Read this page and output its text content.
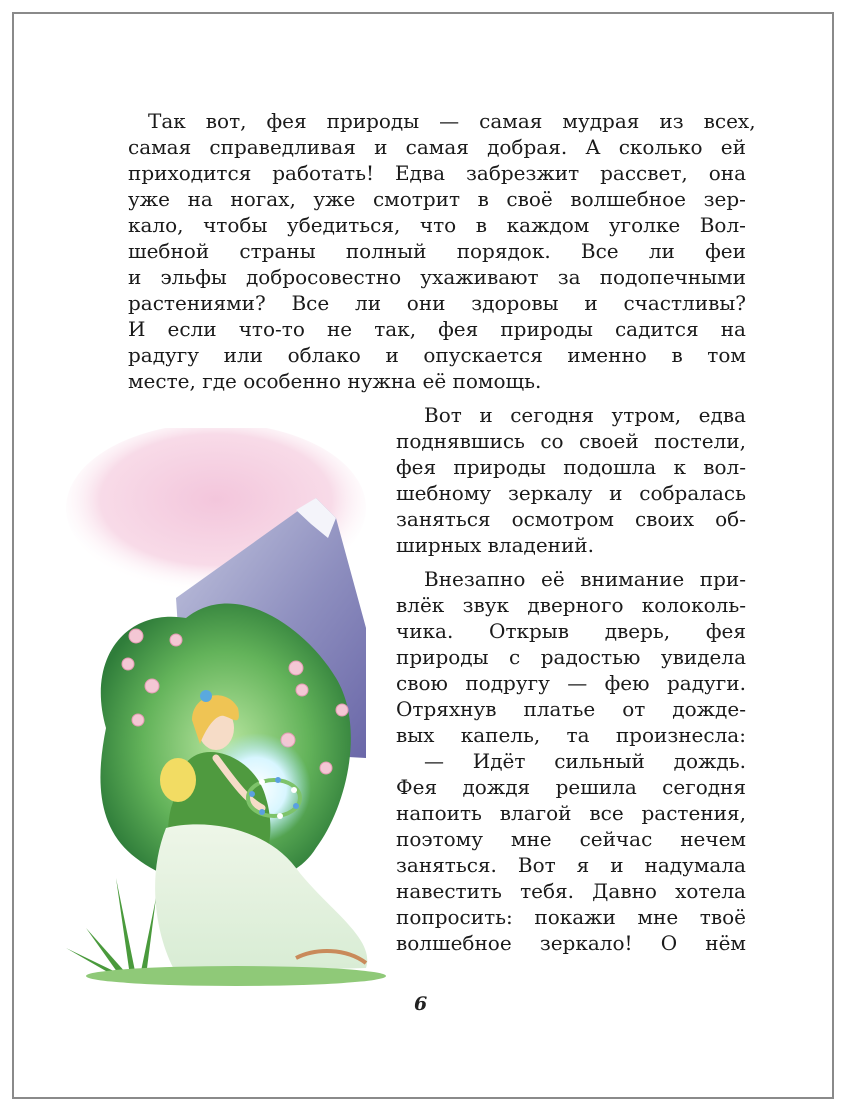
Так	вот,	фея	природы	—	самая	мудрая	из	всех,

самая справедливая и самая добрая. А сколько ей

приходится работать! Едва забрезжит рассвет, она

уже на ногах, уже смотрит в своё волшебное зер-

кало, чтобы убедиться, что в каждом уголке Вол-

шебной страны полный порядок. Все ли феи

и эльфы добросовестно ухаживают за подопечными

растениями? Все ли они здоровы и счастливы?

И если что-то не так, фея природы садится на

радугу или облако и опускается именно в том

месте, где особенно нужна её помощь.

Вот и сегодня утром, едва

поднявшись со своей постели,

фея природы подошла к вол-

шебному зеркалу и собралась

заняться осмотром своих об-

ширных владений.

Внезапно её внимание при-

влёк звук дверного колоколь-

чика. Открыв дверь, фея

природы с радостью увидела

свою подругу — фею радуги.

Отряхнув платье от дожде-

вых капель, та произнесла:

— Идёт сильный дождь.

Фея дождя решила сегодня

напоить влагой все растения,

поэтому мне сейчас нечем

заняться. Вот я и надумала

навестить тебя. Давно хотела

попросить: покажи мне твоё

волшебное зеркало! О нём

6
